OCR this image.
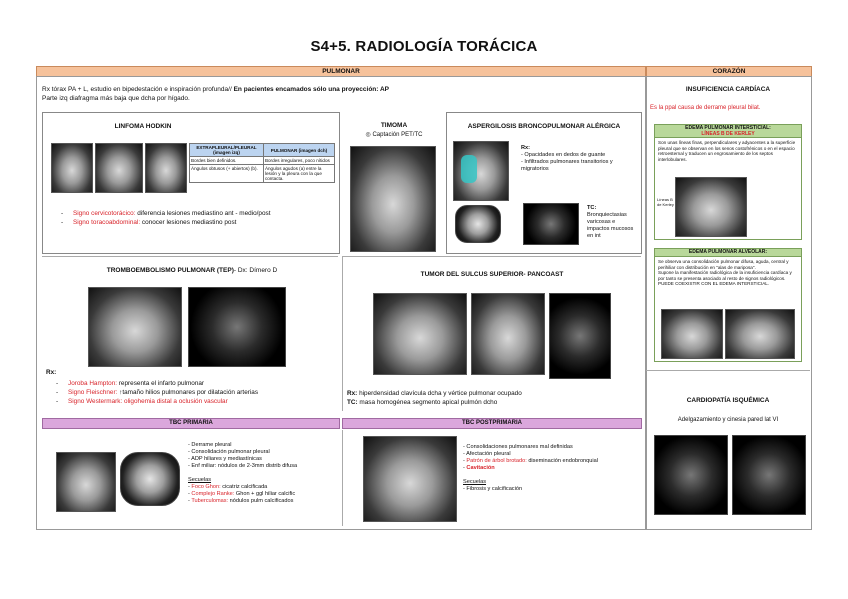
S4+5. RADIOLOGÍA TORÁCICA
PULMONAR	CORAZÓN
Rx tórax PA + L, estudio en bipedestación e inspiración profunda// En pacientes encamados sólo una proyección: AP
Parte izq diafragma más baja que dcha por hígado.
LINFOMA HODKIN
EXTRAPLEURAL/PLEURAL (imagen izq)	PULMONAR (imagen dch)
Bordes bien definidos.	Bordes irregulares, poco nítidos
Ángulos obtusos (+ abiertos) (b).	Ángulos agudos (a) entre la lesión y la pleura con la que contacta.
- Signo cervicotorácico: diferencia lesiones mediastino ant - medio/post
- Signo toracoabdominal: conocer lesiones mediastino post
TIMOMA
◎ Captación PET/TC
ASPERGILOSIS BRONCOPULMONAR ALÉRGICA
Rx:
- Opacidades en dedos de guante
- Infiltrados pulmonares transitorios y migratorios
TC:
Bronquiectasias varicosas e impactos mucosos en int
TROMBOEMBOLISMO PULMONAR (TEP)- Dx: Dímero D
Rx:
- Joroba Hampton: representa el infarto pulmonar
- Signo Fleischner: ↑tamaño hilios pulmonares por dilatación arterias
- Signo Westermark: oligohemia distal a oclusión vascular
TUMOR DEL SULCUS SUPERIOR- PANCOAST
Rx: hiperdensidad clavícula dcha y vértice pulmonar ocupado
TC: masa homogénea segmento apical pulmón dcho
TBC PRIMARIA
- Derrame pleural
- Consolidación pulmonar pleural
- ADP hiliares y mediastínicas
- Enf miliar: nódulos de 2-3mm distrib difusa
Secuelas
- Foco Ghon: cicatriz calcificada
- Complejo Ranke: Ghon + ggl hiliar calcific
- Tuberculomas: nódulos pulm calcificados
TBC POSTPRIMARIA
- Consolidaciones pulmonares mal definidas
- Afectación pleural
- Patrón de árbol brotado: diseminación endobronquial
- Cavitación
Secuelas
- Fibrosis y calcificación
INSUFICIENCIA CARDÍACA
Es la ppal causa de derrame pleural bilat.
EDEMA PULMONAR INTERSTICIAL:
LÍNEAS B DE KERLEY
Son unas líneas finas, perpendiculares y adyacentes a la superficie pleural que se observan en los senos costofrénicos o en el espacio retroesternal y traducen un engrosamiento de los septos interlobulares.
Líneas B de Kerley
EDEMA PULMONAR ALVEOLAR:
Se observa una consolidación pulmonar difusa, aguda, central y perihiliar con distribución en "alas de mariposa".
Supone la manifestación radiológica de la insuficiencia cardíaca y por tanto se presenta asociado al resto de signos radiológicos.
PUEDE COEXISTIR CON EL EDEMA INTERSTICIAL.
CARDIOPATÍA ISQUÉMICA
Adelgazamiento y cinesia pared lat VI
